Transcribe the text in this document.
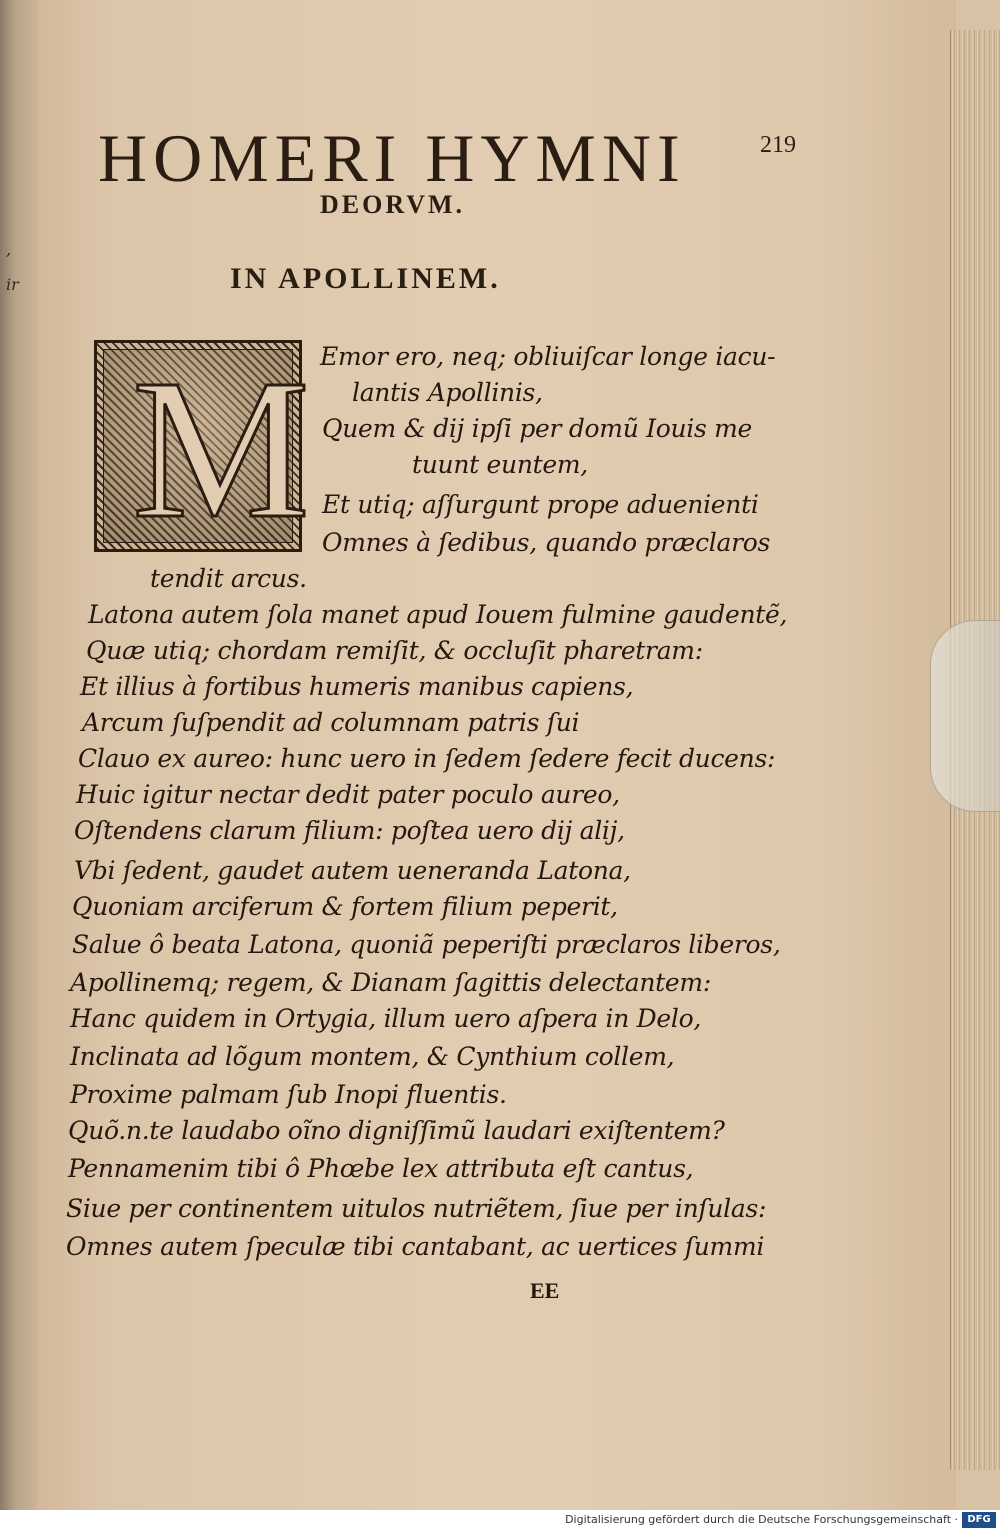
,
ir
HOMERI HYMNI	219
DEORVM.
IN APOLLINEM.
M Emor ero, neq; obliuiſcar longe iacu-
lantis Apollinis,
Quem & dij ipſi per domũ Iouis me
tuunt euntem,
Et utiq; aſſurgunt prope aduenienti
Omnes à ſedibus, quando præclaros
tendit arcus.
Latona autem ſola manet apud Iouem fulmine gaudentẽ,
Quæ utiq; chordam remiſit, & occluſit pharetram:
Et illius à fortibus humeris manibus capiens,
Arcum ſuſpendit ad columnam patris ſui
Clauo ex aureo: hunc uero in ſedem ſedere fecit ducens:
Huic igitur nectar dedit pater poculo aureo,
Oſtendens clarum filium: poſtea uero dij alij,
Vbi ſedent, gaudet autem ueneranda Latona,
Quoniam arciferum & fortem filium peperit,
Salue ô beata Latona, quoniã peperiſti præclaros liberos,
Apollinemq; regem, & Dianam ſagittis delectantem:
Hanc quidem in Ortygia, illum uero aſpera in Delo,
Inclinata ad lõgum montem, & Cynthium collem,
Proxime palmam ſub Inopi fluentis.
Quõ.n.te laudabo oĩno digniſſimũ laudari exiſtentem?
Pennamenim tibi ô Phœbe lex attributa eſt cantus,
Siue per continentem uitulos nutriẽtem, ſiue per inſulas:
Omnes autem ſpeculæ tibi cantabant, ac uertices ſummi
EE
Digitalisierung gefördert durch die Deutsche Forschungsgemeinschaft · DFG
